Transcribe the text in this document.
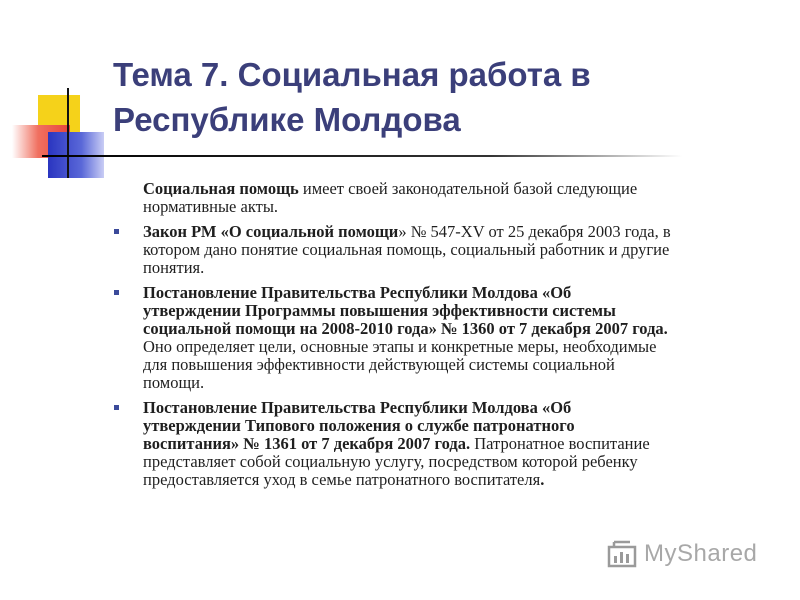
Тема 7. Социальная работа в
Республике Молдова

Социальная помощь имеет своей законодательной базой следующие нормативные акты.

Закон РМ «О социальной помощи» № 547-XV от 25 декабря 2003 года, в котором дано понятие социальная помощь, социальный работник и другие понятия.

Постановление Правительства Республики Молдова «Об утверждении Программы повышения эффективности системы социальной помощи на 2008-2010 года» № 1360 от 7 декабря 2007 года. Оно определяет цели, основные этапы и конкретные меры, необходимые для повышения эффективности действующей системы социальной помощи.

Постановление Правительства Республики Молдова «Об утверждении Типового положения о службе патронатного воспитания» № 1361 от 7 декабря 2007 года. Патронатное воспитание представляет собой социальную услугу, посредством которой ребенку предоставляется уход в семье патронатного воспитателя.

MyShared
